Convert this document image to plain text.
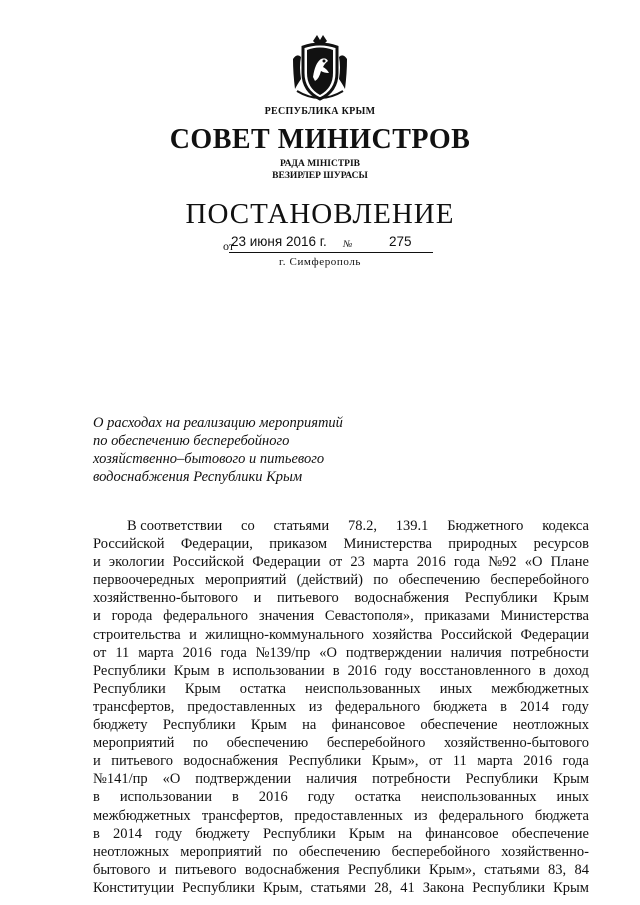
РЕСПУБЛИКА КРЫМ
СОВЕТ МИНИСТРОВ
РАДА МІНІСТРІВ
ВЕЗИРЛЕР ШУРАСЫ
ПОСТАНОВЛЕНИЕ
от
23 июня 2016 г. №	275
г. Симферополь
О расходах на реализацию мероприятий
по обеспечению бесперебойного
хозяйственно–бытового и питьевого
водоснабжения Республики Крым
В соответствии со статьями 78.2, 139.1 Бюджетного кодекса
Российской Федерации, приказом Министерства природных ресурсов
и экологии Российской Федерации от 23 марта 2016 года №92 «О Плане
первоочередных мероприятий (действий) по обеспечению бесперебойного
хозяйственно-бытового и питьевого водоснабжения Республики Крым
и города федерального значения Севастополя», приказами Министерства
строительства и жилищно-коммунального хозяйства Российской Федерации
от 11 марта 2016 года №139/пр «О подтверждении наличия потребности
Республики Крым в использовании в 2016 году восстановленного в доход
Республики Крым остатка неиспользованных иных межбюджетных
трансфертов, предоставленных из федерального бюджета в 2014 году
бюджету Республики Крым на финансовое обеспечение неотложных
мероприятий по обеспечению бесперебойного хозяйственно-бытового
и питьевого водоснабжения Республики Крым», от 11 марта 2016 года
№141/пр «О подтверждении наличия потребности Республики Крым
в использовании в 2016 году остатка неиспользованных иных
межбюджетных трансфертов, предоставленных из федерального бюджета
в 2014 году бюджету Республики Крым на финансовое обеспечение
неотложных мероприятий по обеспечению бесперебойного хозяйственно-
бытового и питьевого водоснабжения Республики Крым», статьями 83, 84
Конституции Республики Крым, статьями 28, 41 Закона Республики Крым
